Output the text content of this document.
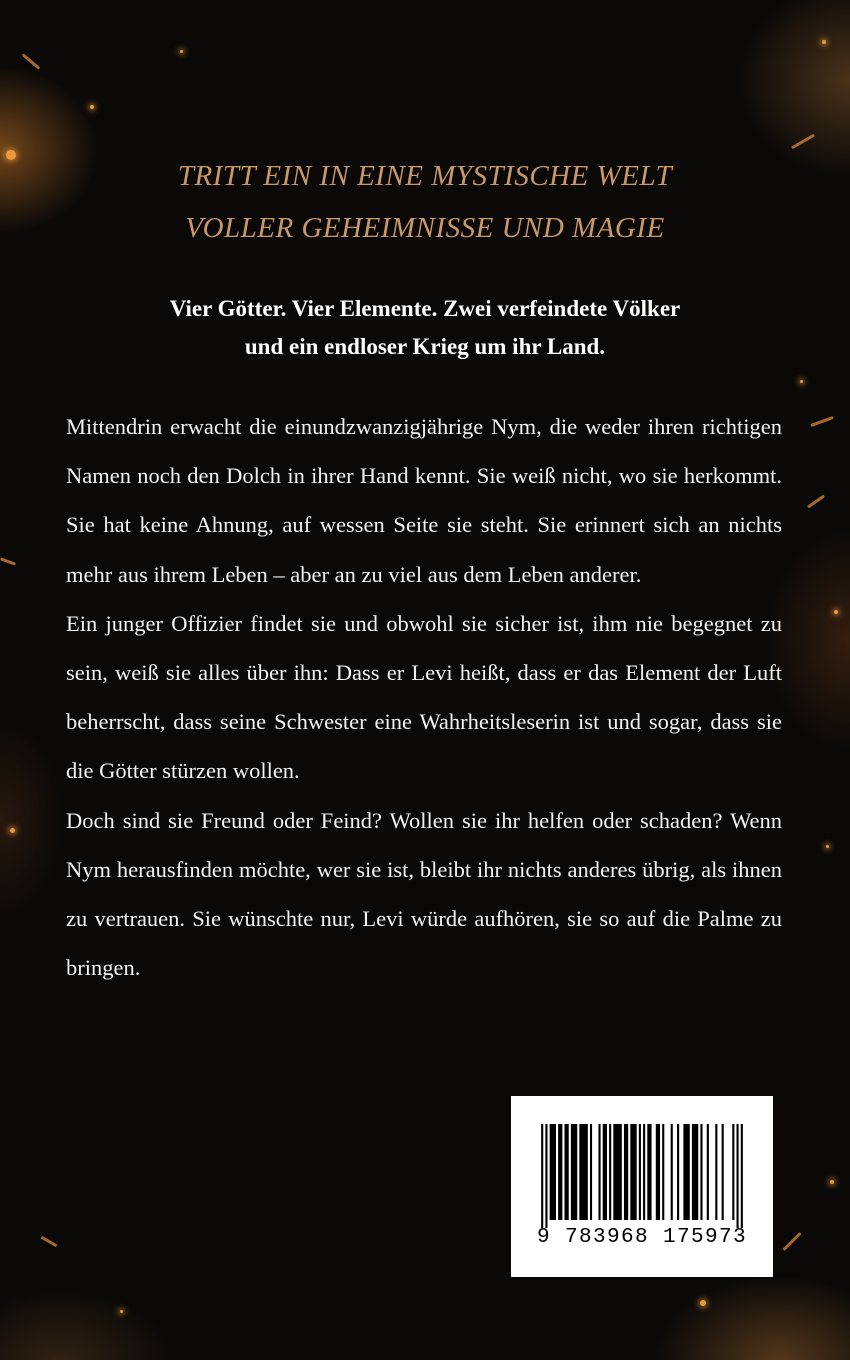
TRITT EIN IN EINE MYSTISCHE WELT
VOLLER GEHEIMNISSE UND MAGIE
Vier Götter. Vier Elemente. Zwei verfeindete Völker
und ein endloser Krieg um ihr Land.

Mittendrin erwacht die einundzwanzigjährige Nym, die weder ihren richtigen Namen noch den Dolch in ihrer Hand kennt. Sie weiß nicht, wo sie herkommt. Sie hat keine Ahnung, auf wessen Seite sie steht. Sie erinnert sich an nichts mehr aus ihrem Leben – aber an zu viel aus dem Leben anderer.

Ein junger Offizier findet sie und obwohl sie sicher ist, ihm nie begegnet zu sein, weiß sie alles über ihn: Dass er Levi heißt, dass er das Element der Luft beherrscht, dass seine Schwester eine Wahrheitsleserin ist und sogar, dass sie die Götter stürzen wollen.

Doch sind sie Freund oder Feind? Wollen sie ihr helfen oder schaden? Wenn Nym herausfinden möchte, wer sie ist, bleibt ihr nichts anderes übrig, als ihnen zu vertrauen. Sie wünschte nur, Levi würde aufhören, sie so auf die Palme zu bringen.

9 783968 175973
